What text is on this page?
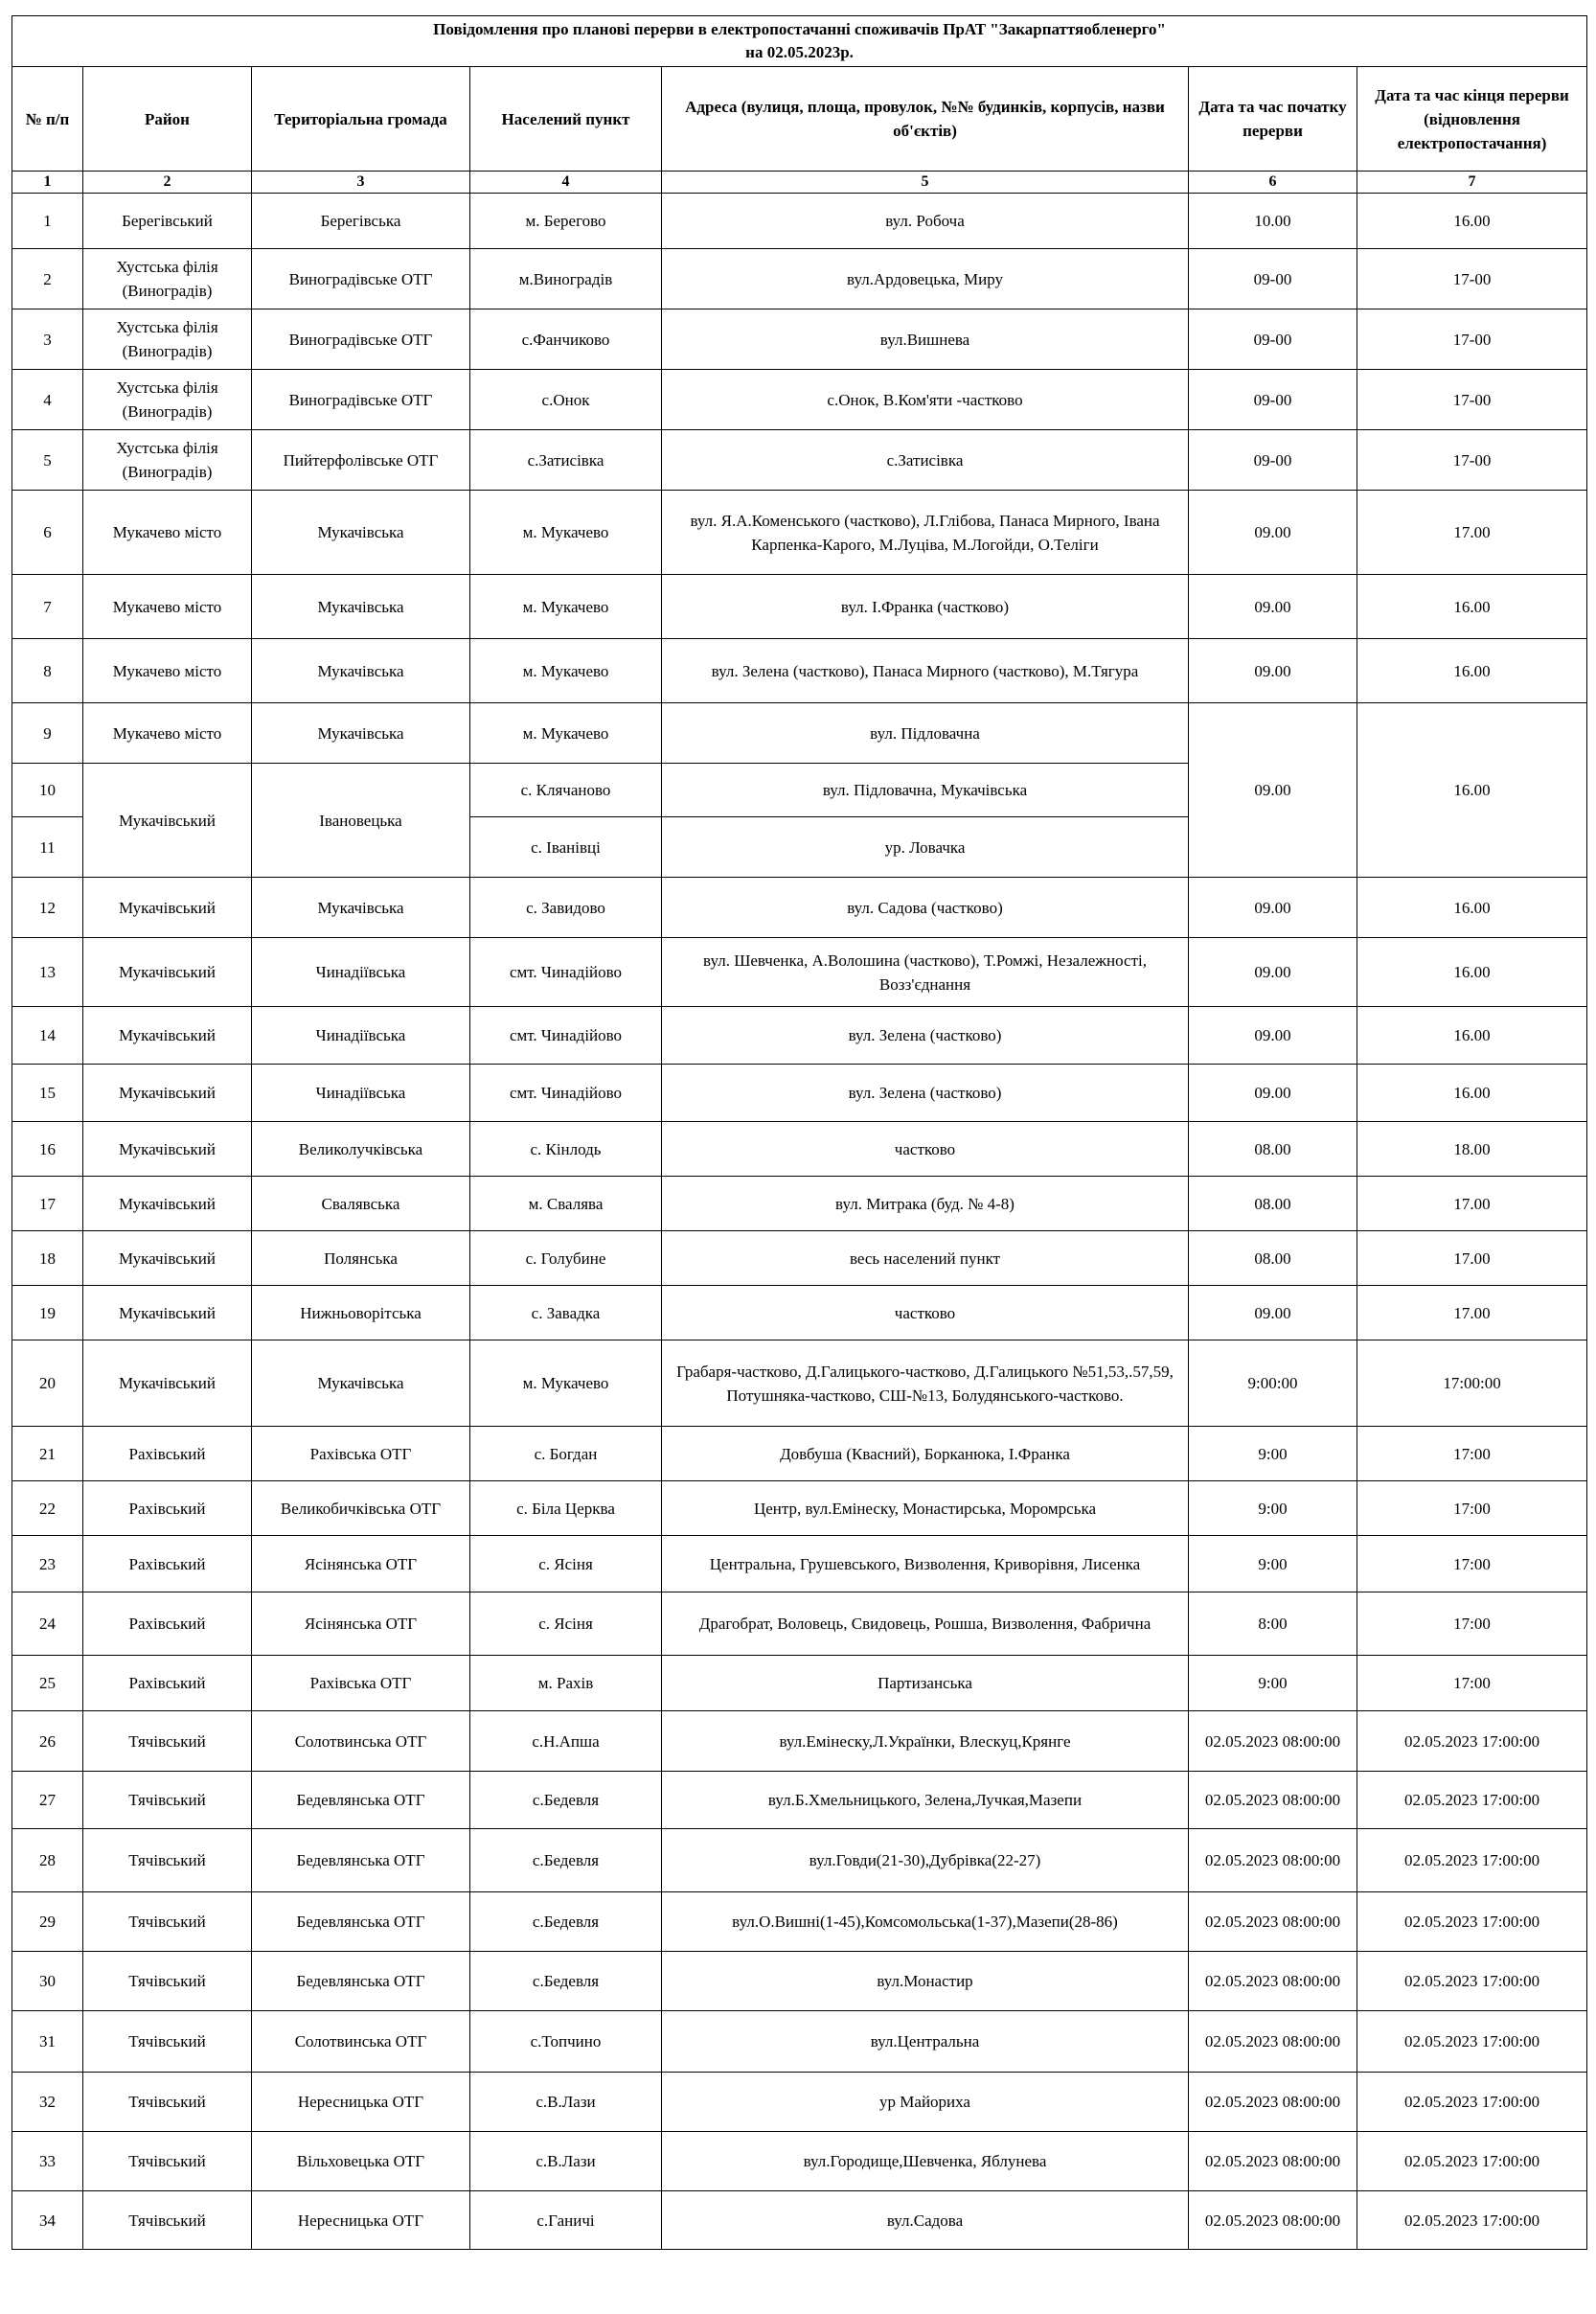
Повідомлення про планові перерви в електропостачанні споживачів ПрАТ "Закарпаттяобленерго"
на 02.05.2023р.						

№ п/п	Район	Територіальна громада	Населений пункт	Адреса (вулиця, площа, провулок, №№ будинків, корпусів, назви об'єктів)	Дата та час початку перерви	Дата та час кінця перерви (відновлення електропостачання)
1	2	3	4	5	6	7
1	Берегівський	Берегівська	м. Берегово	вул. Робоча	10.00	16.00
2	Хустська філія (Виноградів)	Виноградівське ОТГ	м.Виноградів	вул.Ардовецька, Миру	09-00	17-00
3	Хустська філія (Виноградів)	Виноградівське ОТГ	с.Фанчиково	вул.Вишнева	09-00	17-00
4	Хустська філія (Виноградів)	Виноградівське ОТГ	с.Онок	с.Онок, В.Ком'яти -частково	09-00	17-00
5	Хустська філія (Виноградів)	Пийтерфолівське ОТГ	с.Затисівка	с.Затисівка	09-00	17-00
6	Мукачево місто	Мукачівська	м. Мукачево	вул. Я.А.Коменського (частково), Л.Глібова, Панаса Мирного, Івана Карпенка-Карого, М.Луціва, М.Логойди, О.Теліги	09.00	17.00
7	Мукачево місто	Мукачівська	м. Мукачево	вул. І.Франка (частково)	09.00	16.00
8	Мукачево місто	Мукачівська	м. Мукачево	вул. Зелена (частково), Панаса Мирного (частково), М.Тягура	09.00	16.00
9	Мукачево місто	Мукачівська	м. Мукачево	вул. Підловачна	09.00	16.00
10	Мукачівський	Івановецька	с. Клячаново	вул. Підловачна, Мукачівська		
11			с. Іванівці	ур. Ловачка		
12	Мукачівський	Мукачівська	с. Завидово	вул. Садова (частково)	09.00	16.00
13	Мукачівський	Чинадіївська	смт. Чинадійово	вул. Шевченка, А.Волошина (частково), Т.Ромжі, Незалежності, Возз'єднання	09.00	16.00
14	Мукачівський	Чинадіївська	смт. Чинадійово	вул. Зелена (частково)	09.00	16.00
15	Мукачівський	Чинадіївська	смт. Чинадійово	вул. Зелена (частково)	09.00	16.00
16	Мукачівський	Великолучківська	с. Кінлодь	частково	08.00	18.00
17	Мукачівський	Свалявська	м. Свалява	вул. Митрака (буд. № 4-8)	08.00	17.00
18	Мукачівський	Полянська	с. Голубине	весь населений пункт	08.00	17.00
19	Мукачівський	Нижньоворітська	с. Завадка	частково	09.00	17.00
20	Мукачівський	Мукачівська	м. Мукачево	Грабаря-частково, Д.Галицького-частково, Д.Галицького №51,53,.57,59, Потушняка-частково, СШ-№13, Болудянського-частково.	9:00:00	17:00:00
21	Рахівський	Рахівська ОТГ	с. Богдан	Довбуша (Квасний), Борканюка, І.Франка	9:00	17:00
22	Рахівський	Великобичківська ОТГ	с. Біла Церква	Центр, вул.Емінеску, Монастирська, Моромрська	9:00	17:00
23	Рахівський	Ясінянська ОТГ	с. Ясіня	Центральна, Грушевського, Визволення, Криворівня, Лисенка	9:00	17:00
24	Рахівський	Ясінянська ОТГ	с. Ясіня	Драгобрат, Воловець, Свидовець, Рошша, Визволення, Фабрична	8:00	17:00
25	Рахівський	Рахівська ОТГ	м. Рахів	Партизанська	9:00	17:00
26	Тячівський	Солотвинська ОТГ	с.Н.Апша	вул.Емінеску,Л.Українки, Влескуц,Крянге	02.05.2023 08:00:00	02.05.2023 17:00:00
27	Тячівський	Бедевлянська ОТГ	с.Бедевля	вул.Б.Хмельницького, Зелена,Лучкая,Мазепи	02.05.2023 08:00:00	02.05.2023 17:00:00
28	Тячівський	Бедевлянська ОТГ	с.Бедевля	вул.Говди(21-30),Дубрівка(22-27)	02.05.2023 08:00:00	02.05.2023 17:00:00
29	Тячівський	Бедевлянська ОТГ	с.Бедевля	вул.О.Вишні(1-45),Комсомольська(1-37),Мазепи(28-86)	02.05.2023 08:00:00	02.05.2023 17:00:00
30	Тячівський	Бедевлянська ОТГ	с.Бедевля	вул.Монастир	02.05.2023 08:00:00	02.05.2023 17:00:00
31	Тячівський	Солотвинська ОТГ	с.Топчино	вул.Центральна	02.05.2023 08:00:00	02.05.2023 17:00:00
32	Тячівський	Нересницька ОТГ	с.В.Лази	ур Майориха	02.05.2023 08:00:00	02.05.2023 17:00:00
33	Тячівський	Вільховецька ОТГ	с.В.Лази	вул.Городище,Шевченка, Яблунева	02.05.2023 08:00:00	02.05.2023 17:00:00
34	Тячівський	Нересницька ОТГ	с.Ганичі	вул.Садова	02.05.2023 08:00:00	02.05.2023 17:00:00
